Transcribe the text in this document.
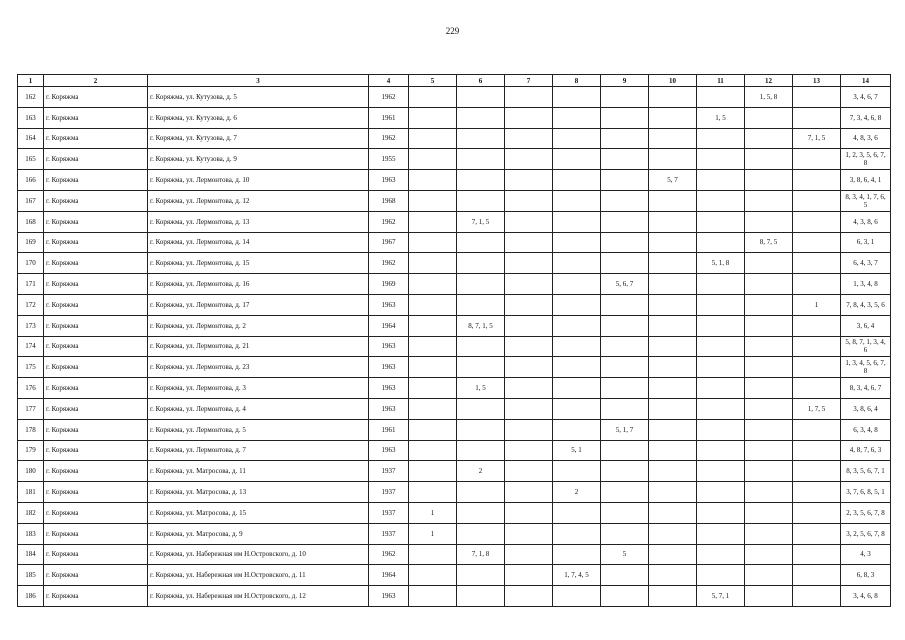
229
1	2	3	4	5	6	7	8	9	10	11	12	13	14
162	г. Коряжма	г. Коряжма, ул. Кутузова, д. 5	1962								1, 5, 8		3, 4, 6, 7
163	г. Коряжма	г. Коряжма, ул. Кутузова, д. 6	1961							1, 5			7, 3, 4, 6, 8
164	г. Коряжма	г. Коряжма, ул. Кутузова, д. 7	1962									7, 1, 5	4, 8, 3, 6
165	г. Коряжма	г. Коряжма, ул. Кутузова, д. 9	1955										1, 2, 3, 5, 6, 7, 8
166	г. Коряжма	г. Коряжма, ул. Лермонтова, д. 10	1963						5, 7				3, 8, 6, 4, 1
167	г. Коряжма	г. Коряжма, ул. Лермонтова, д. 12	1968										8, 3, 4, 1, 7, 6, 5
168	г. Коряжма	г. Коряжма, ул. Лермонтова, д. 13	1962		7, 1, 5								4, 3, 8, 6
169	г. Коряжма	г. Коряжма, ул. Лермонтова, д. 14	1967								8, 7, 5		6, 3, 1
170	г. Коряжма	г. Коряжма, ул. Лермонтова, д. 15	1962							5, 1, 8			6, 4, 3, 7
171	г. Коряжма	г. Коряжма, ул. Лермонтова, д. 16	1969					5, 6, 7					1, 3, 4, 8
172	г. Коряжма	г. Коряжма, ул. Лермонтова, д. 17	1963									1	7, 8, 4, 3, 5, 6
173	г. Коряжма	г. Коряжма, ул. Лермонтова, д. 2	1964		8, 7, 1, 5								3, 6, 4
174	г. Коряжма	г. Коряжма, ул. Лермонтова, д. 21	1963										5, 8, 7, 1, 3, 4, 6
175	г. Коряжма	г. Коряжма, ул. Лермонтова, д. 23	1963										1, 3, 4, 5, 6, 7, 8
176	г. Коряжма	г. Коряжма, ул. Лермонтова, д. 3	1963		1, 5								8, 3, 4, 6, 7
177	г. Коряжма	г. Коряжма, ул. Лермонтова, д. 4	1963									1, 7, 5	3, 8, 6, 4
178	г. Коряжма	г. Коряжма, ул. Лермонтова, д. 5	1961					5, 1, 7					6, 3, 4, 8
179	г. Коряжма	г. Коряжма, ул. Лермонтова, д. 7	1963				5, 1						4, 8, 7, 6, 3
180	г. Коряжма	г. Коряжма, ул. Матросова, д. 11	1937		2								8, 3, 5, 6, 7, 1
181	г. Коряжма	г. Коряжма, ул. Матросова, д. 13	1937				2						3, 7, 6, 8, 5, 1
182	г. Коряжма	г. Коряжма, ул. Матросова, д. 15	1937	1									2, 3, 5, 6, 7, 8
183	г. Коряжма	г. Коряжма, ул. Матросова, д. 9	1937	1									3, 2, 5, 6, 7, 8
184	г. Коряжма	г. Коряжма, ул. Набережная им Н.Островского, д. 10	1962		7, 1, 8			5					4, 3
185	г. Коряжма	г. Коряжма, ул. Набережная им Н.Островского, д. 11	1964				1, 7, 4, 5						6, 8, 3
186	г. Коряжма	г. Коряжма, ул. Набережная им Н.Островского, д. 12	1963							5, 7, 1			3, 4, 6, 8
